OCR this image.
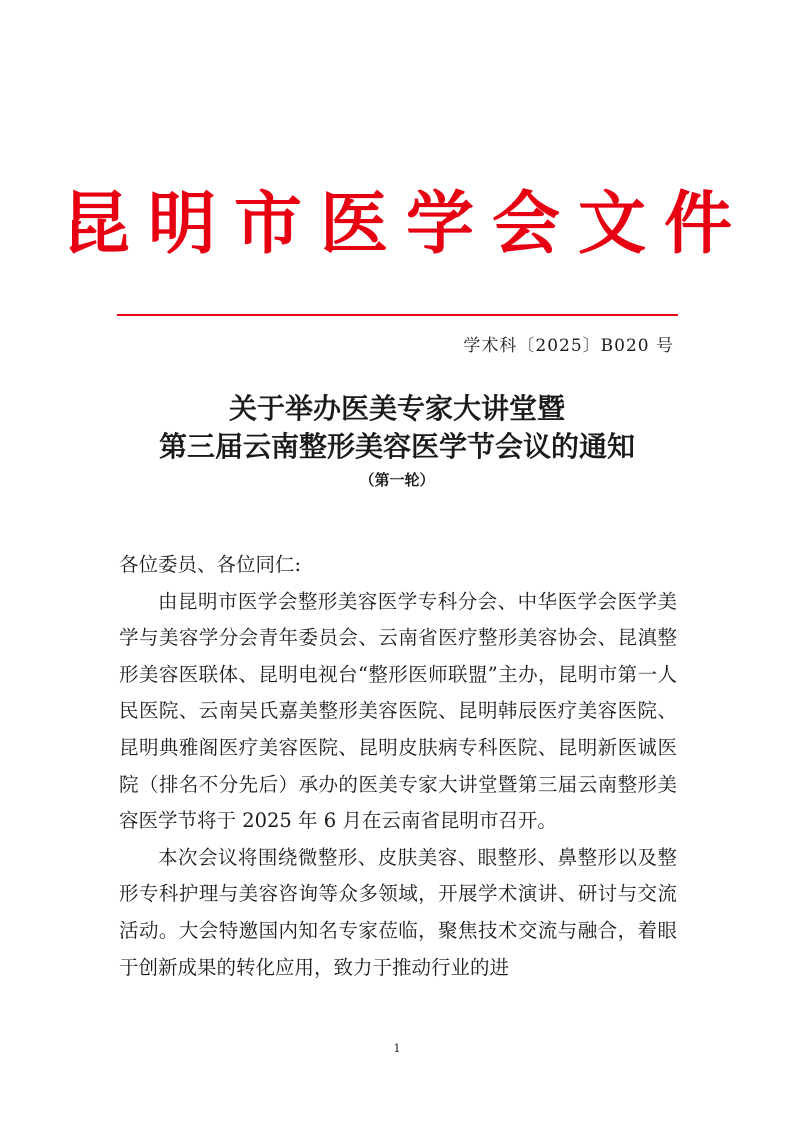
昆明市医学会文件
学术科〔2025〕B020 号
关于举办医美专家大讲堂暨
第三届云南整形美容医学节会议的通知
（第一轮）

各位委员、各位同仁:

由昆明市医学会整形美容医学专科分会、中华医学会医学美学与美容学分会青年委员会、云南省医疗整形美容协会、昆滇整形美容医联体、昆明电视台“整形医师联盟”主办，昆明市第一人民医院、云南吴氏嘉美整形美容医院、昆明韩辰医疗美容医院、昆明典雅阁医疗美容医院、昆明皮肤病专科医院、昆明新医诚医院（排名不分先后）承办的医美专家大讲堂暨第三届云南整形美容医学节将于 2025 年 6 月在云南省昆明市召开。

本次会议将围绕微整形、皮肤美容、眼整形、鼻整形以及整形专科护理与美容咨询等众多领域，开展学术演讲、研讨与交流活动。大会特邀国内知名专家莅临，聚焦技术交流与融合，着眼于创新成果的转化应用，致力于推动行业的进

1
